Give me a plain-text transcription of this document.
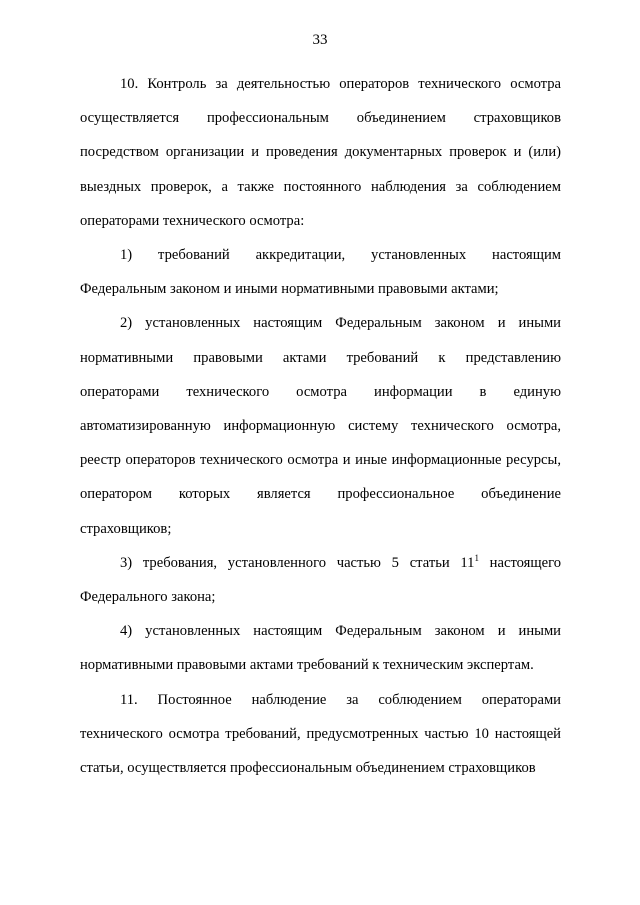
33

10. Контроль за деятельностью операторов технического осмотра осуществляется профессиональным объединением страховщиков посредством организации и проведения документарных проверок и (или) выездных проверок, а также постоянного наблюдения за соблюдением операторами технического осмотра:

1) требований аккредитации, установленных настоящим Федеральным законом и иными нормативными правовыми актами;

2) установленных настоящим Федеральным законом и иными нормативными правовыми актами требований к представлению операторами технического осмотра информации в единую автоматизированную информационную систему технического осмотра, реестр операторов технического осмотра и иные информационные ресурсы, оператором которых является профессиональное объединение страховщиков;

3) требования, установленного частью 5 статьи $11^1$ настоящего Федерального закона;

4) установленных настоящим Федеральным законом и иными нормативными правовыми актами требований к техническим экспертам.

11. Постоянное наблюдение за соблюдением операторами технического осмотра требований, предусмотренных частью 10 настоящей статьи, осуществляется профессиональным объединением страховщиков
